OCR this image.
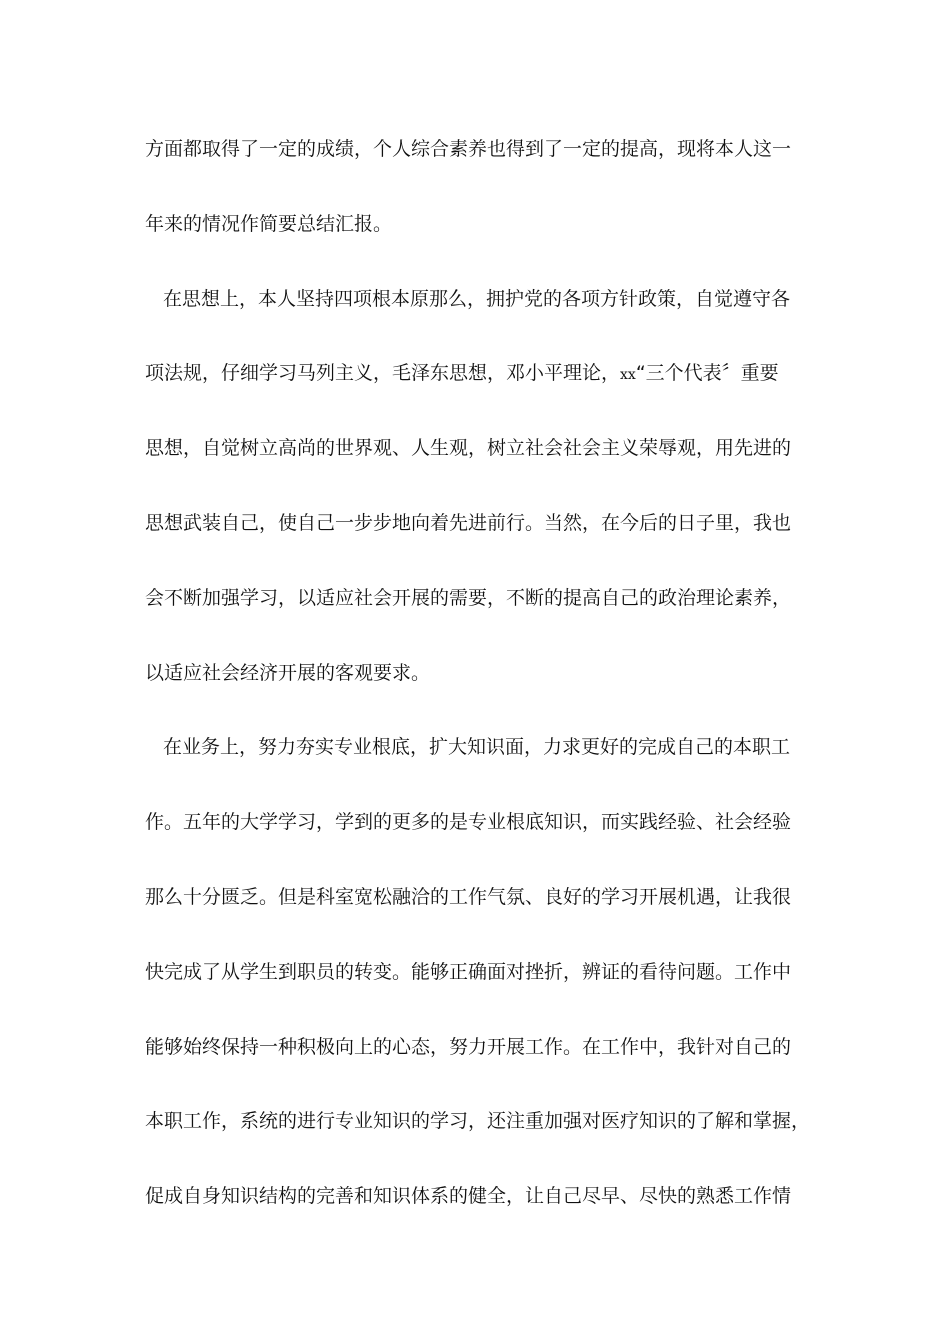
方面都取得了一定的成绩，个人综合素养也得到了一定的提高，现将本人这一
年来的情况作简要总结汇报。
在思想上，本人坚持四项根本原那么，拥护党的各项方针政策，自觉遵守各
项法规，仔细学习马列主义，毛泽东思想，邓小平理论，xx“三个代表〞重要
思想，自觉树立高尚的世界观、人生观，树立社会社会主义荣辱观，用先进的
思想武装自己，使自己一步步地向着先进前行。当然，在今后的日子里，我也
会不断加强学习，以适应社会开展的需要，不断的提高自己的政治理论素养，
以适应社会经济开展的客观要求。
在业务上，努力夯实专业根底，扩大知识面，力求更好的完成自己的本职工
作。五年的大学学习，学到的更多的是专业根底知识，而实践经验、社会经验
那么十分匮乏。但是科室宽松融洽的工作气氛、良好的学习开展机遇，让我很
快完成了从学生到职员的转变。能够正确面对挫折，辨证的看待问题。工作中
能够始终保持一种积极向上的心态，努力开展工作。在工作中，我针对自己的
本职工作，系统的进行专业知识的学习，还注重加强对医疗知识的了解和掌握，
促成自身知识结构的完善和知识体系的健全，让自己尽早、尽快的熟悉工作情
